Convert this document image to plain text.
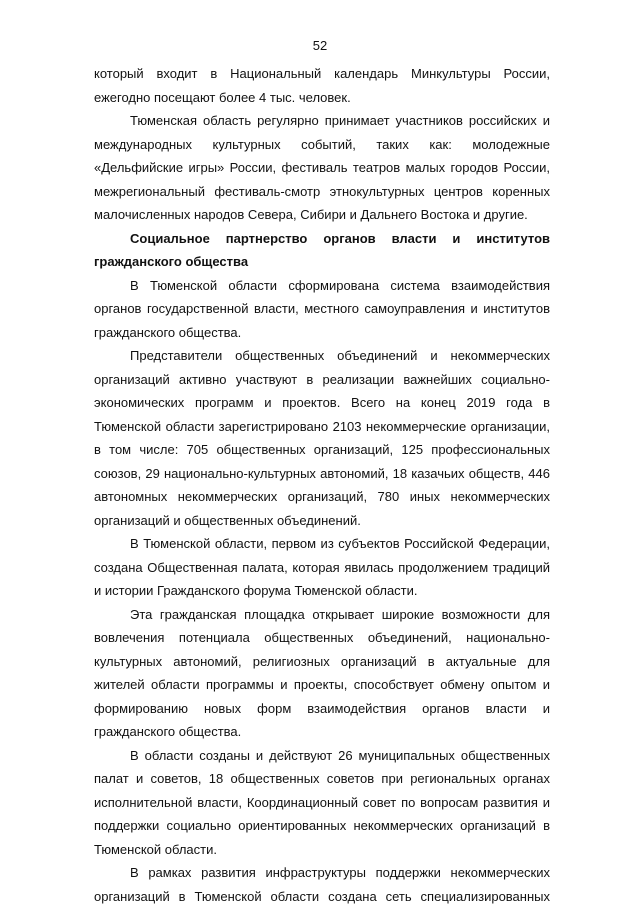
52

который входит в Национальный календарь Минкультуры России, ежегодно посещают более 4 тыс. человек.

Тюменская область регулярно принимает участников российских и международных культурных событий, таких как: молодежные «Дельфийские игры» России, фестиваль театров малых городов России, межрегиональный фестиваль-смотр этнокультурных центров коренных малочисленных народов Севера, Сибири и Дальнего Востока и другие.

Социальное партнерство органов власти и институтов гражданского общества

В Тюменской области сформирована система взаимодействия органов государственной власти, местного самоуправления и институтов гражданского общества.

Представители общественных объединений и некоммерческих организаций активно участвуют в реализации важнейших социально-экономических программ и проектов. Всего на конец 2019 года в Тюменской области зарегистрировано 2103 некоммерческие организации, в том числе: 705 общественных организаций, 125 профессиональных союзов, 29 национально-культурных автономий, 18 казачьих обществ, 446 автономных некоммерческих организаций, 780 иных некоммерческих организаций и общественных объединений.

В Тюменской области, первом из субъектов Российской Федерации, создана Общественная палата, которая явилась продолжением традиций и истории Гражданского форума Тюменской области.

Эта гражданская площадка открывает широкие возможности для вовлечения потенциала общественных объединений, национально-культурных автономий, религиозных организаций в актуальные для жителей области программы и проекты, способствует обмену опытом и формированию новых форм взаимодействия органов власти и гражданского общества.

В области созданы и действуют 26 муниципальных общественных палат и советов, 18 общественных советов при региональных органах исполнительной власти, Координационный совет по вопросам развития и поддержки социально ориентированных некоммерческих организаций в Тюменской области.

В рамках развития инфраструктуры поддержки некоммерческих организаций в Тюменской области создана сеть специализированных
